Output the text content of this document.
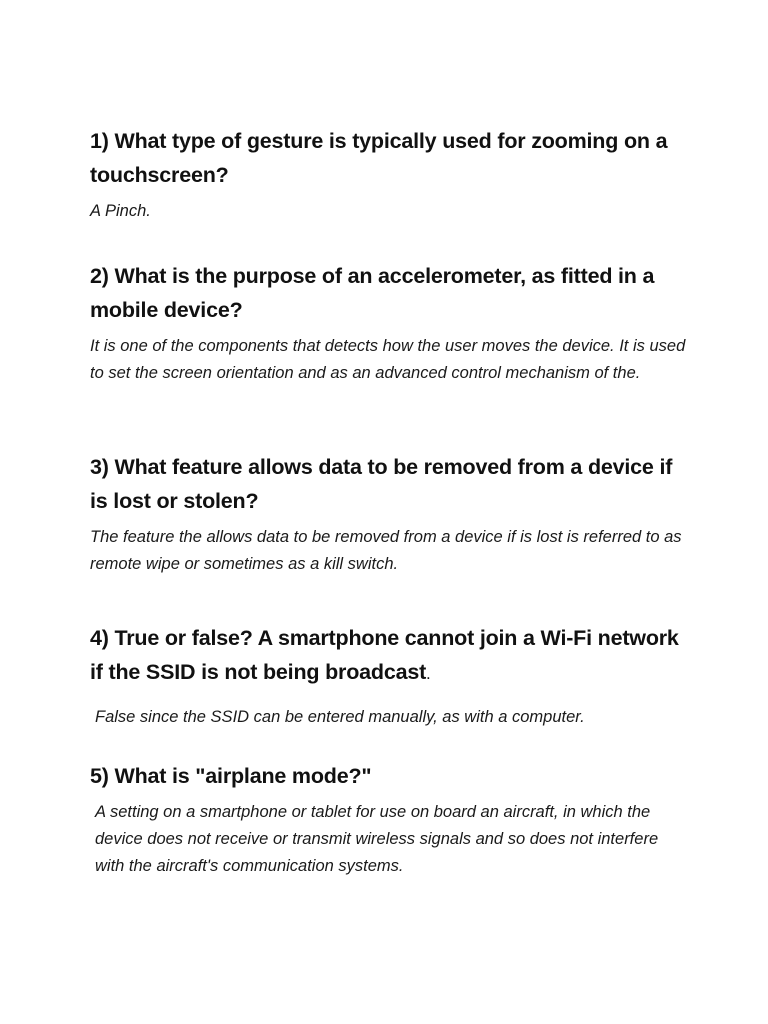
1) What type of gesture is typically used for zooming on a touchscreen?

A Pinch.

2) What is the purpose of an accelerometer, as fitted in a mobile device?

It is one of the components that detects how the user moves the device. It is used to set the screen orientation and as an advanced control mechanism of the.

3) What feature allows data to be removed from a device if is lost or stolen?

The feature the allows data to be removed from a device if is lost is referred to as remote wipe or sometimes as a kill switch.

4) True or false? A smartphone cannot join a Wi-Fi network if the SSID is not being broadcast.

False since the SSID can be entered manually, as with a computer.

5) What is "airplane mode?"

A setting on a smartphone or tablet for use on board an aircraft, in which the device does not receive or transmit wireless signals and so does not interfere with the aircraft's communication systems.
